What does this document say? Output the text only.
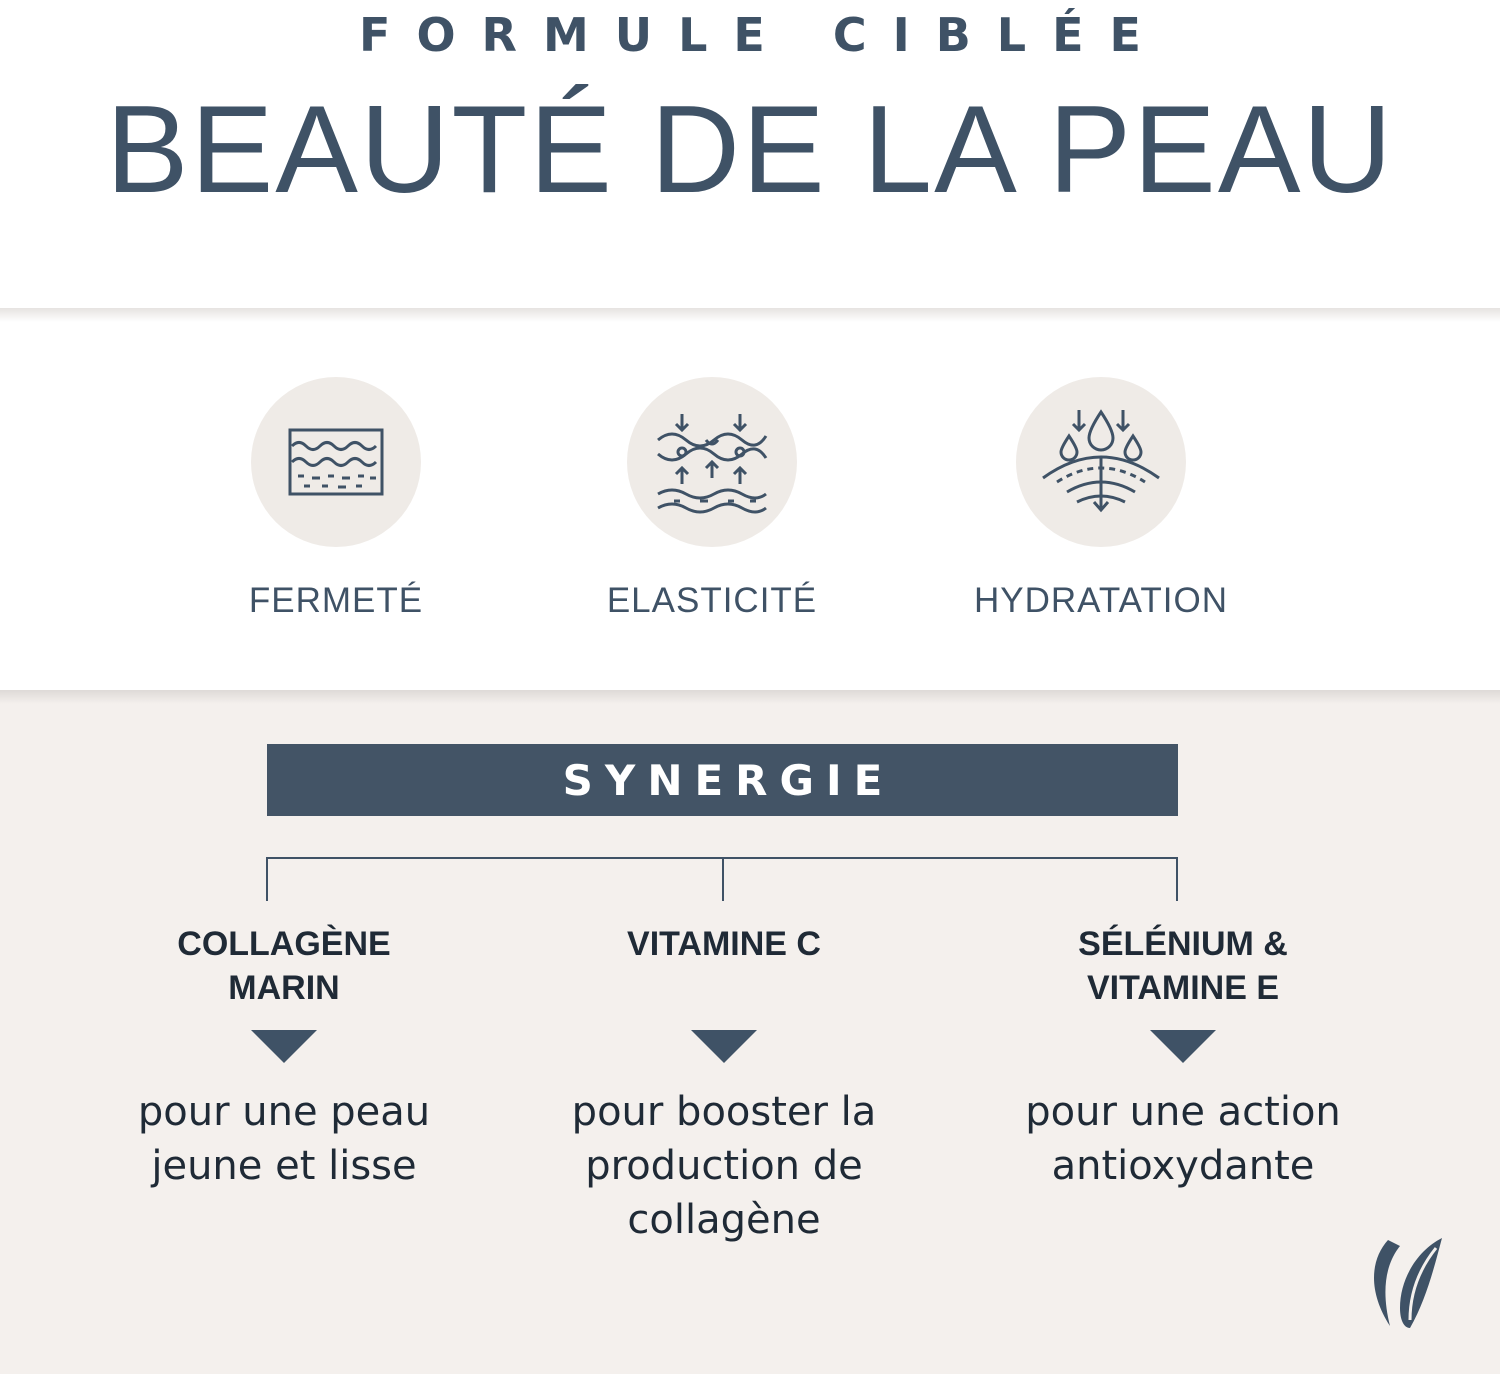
FORMULE CIBLÉE
BEAUTÉ DE LA PEAU
FERMETÉ	ELASTICITÉ	HYDRATATION
SYNERGIE
COLLAGÈNE
MARIN
pour une peau
jeune et lisse
VITAMINE C
pour booster la
production de
collagène
SÉLÉNIUM &
VITAMINE E
pour une action
antioxydante
